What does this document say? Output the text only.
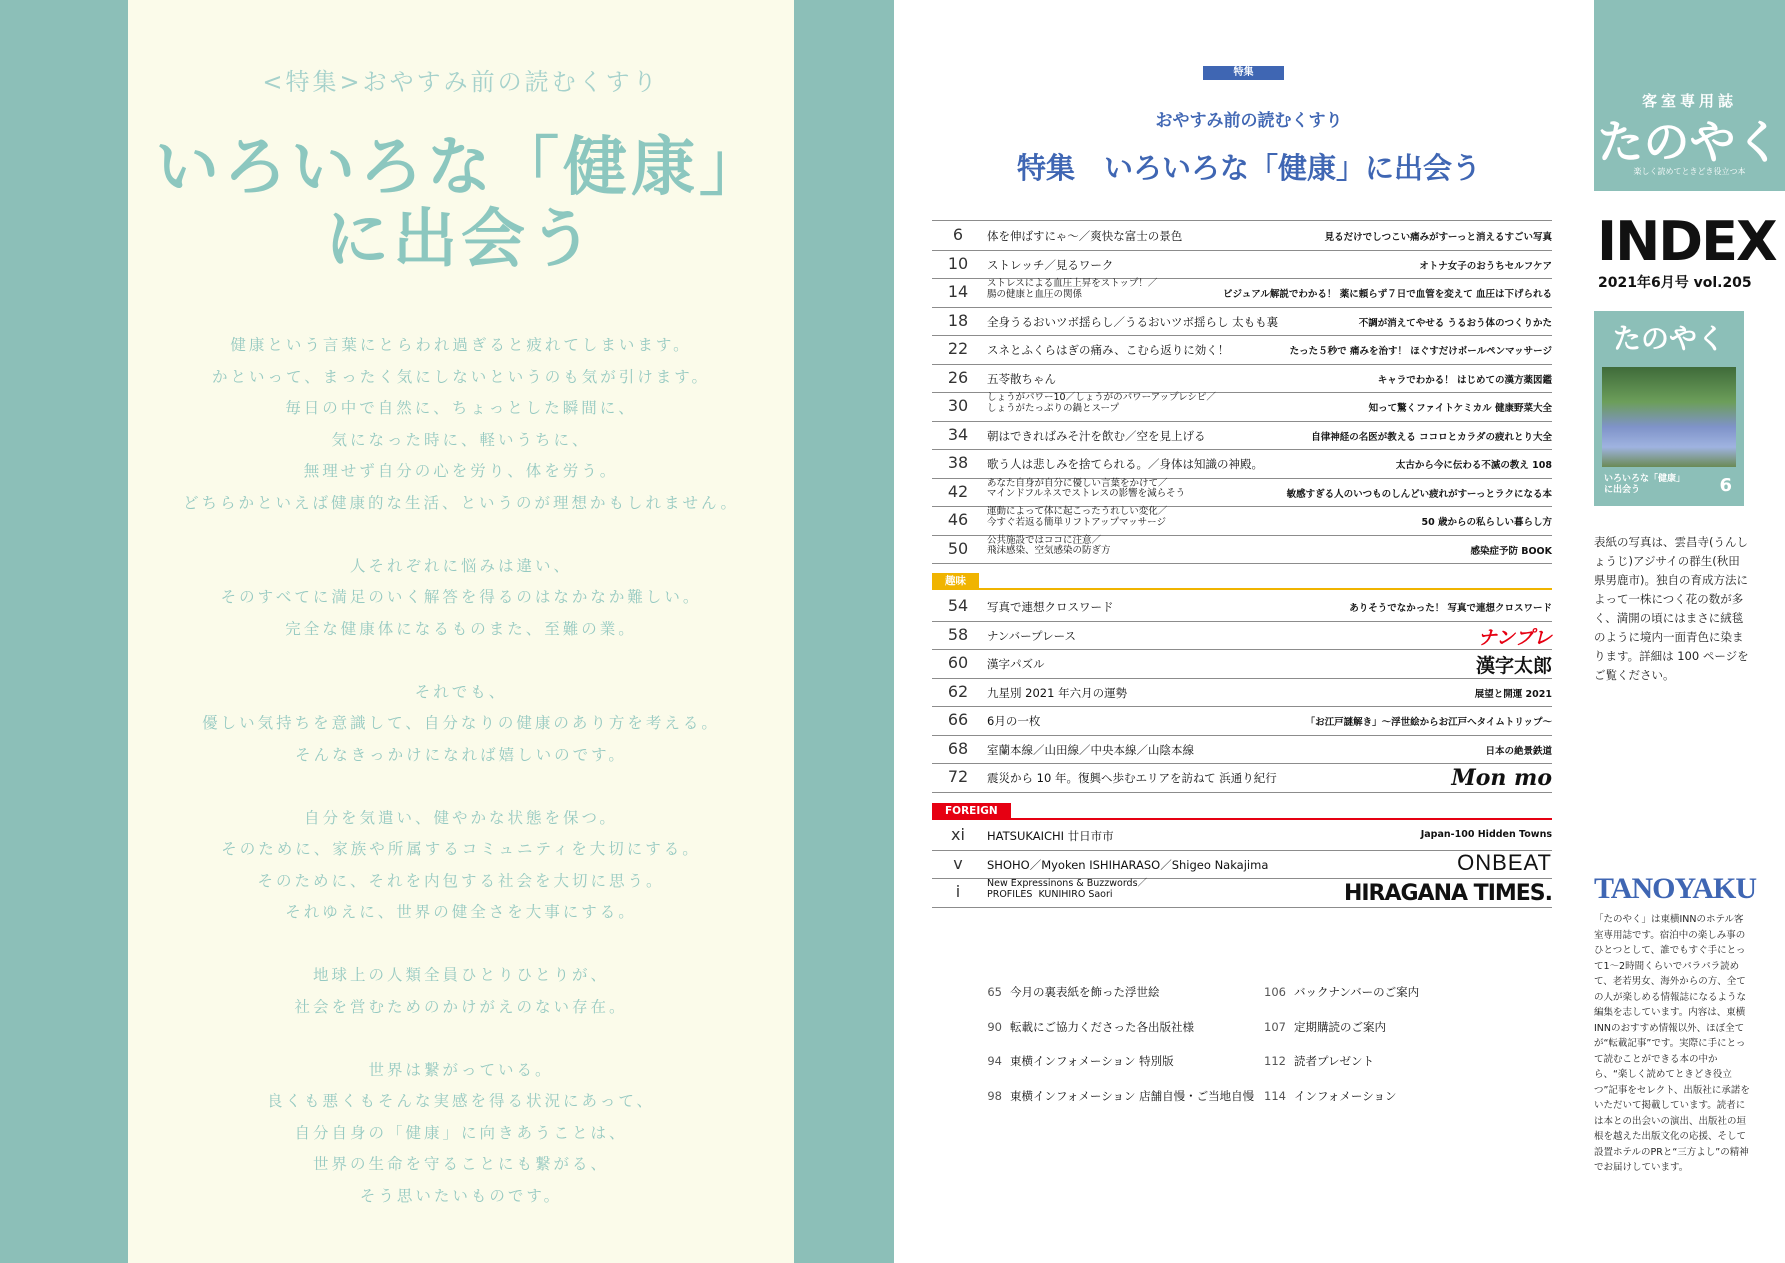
<特集>おやすみ前の読むくすり
いろいろな「健康」
に出会う
健康という言葉にとらわれ過ぎると疲れてしまいます。
かといって、まったく気にしないというのも気が引けます。
毎日の中で自然に、ちょっとした瞬間に、
気になった時に、軽いうちに、
無理せず自分の心を労り、体を労う。
どちらかといえば健康的な生活、というのが理想かもしれません。
人それぞれに悩みは違い、
そのすべてに満足のいく解答を得るのはなかなか難しい。
完全な健康体になるものまた、至難の業。
それでも、
優しい気持ちを意識して、自分なりの健康のあり方を考える。
そんなきっかけになれば嬉しいのです。
自分を気遣い、健やかな状態を保つ。
そのために、家族や所属するコミュニティを大切にする。
そのために、それを内包する社会を大切に思う。
それゆえに、世界の健全さを大事にする。
地球上の人類全員ひとりひとりが、
社会を営むためのかけがえのない存在。
世界は繋がっている。
良くも悪くもそんな実感を得る状況にあって、
自分自身の「健康」に向きあうことは、
世界の生命を守ることにも繋がる、
そう思いたいものです。
特集
おやすみ前の読むくすり
特集　いろいろな「健康」に出会う
6	体を伸ばすにゃ～／爽快な富士の景色	見るだけでしつこい痛みがすーっと消えるすごい写真
10	ストレッチ／見るワーク	オトナ女子のおうちセルフケア
14	ストレスによる血圧上昇をストップ！／
腸の健康と血圧の関係	ビジュアル解説でわかる！ 薬に頼らず７日で血管を変えて 血圧は下げられる
18	全身うるおいツボ揺らし／うるおいツボ揺らし 太もも裏	不調が消えてやせる うるおう体のつくりかた
22	スネとふくらはぎの痛み、こむら返りに効く！	たった５秒で 痛みを治す！ ほぐすだけボールペンマッサージ
26	五苓散ちゃん	キャラでわかる！ はじめての漢方薬図鑑
30	しょうがパワー10／しょうがのパワーアップレシピ／
しょうがたっぷりの鍋とスープ	知って驚くファイトケミカル 健康野菜大全
34	朝はできればみそ汁を飲む／空を見上げる	自律神経の名医が教える ココロとカラダの疲れとり大全
38	歌う人は悲しみを捨てられる。／身体は知識の神殿。	太古から今に伝わる不滅の教え 108
42	あなた自身が自分に優しい言葉をかけて／
マインドフルネスでストレスの影響を減らそう	敏感すぎる人のいつものしんどい疲れがすーっとラクになる本
46	運動によって体に起こったうれしい変化／
今すぐ若返る簡単リフトアップマッサージ	50 歳からの私らしい暮らし方
50	公共施設ではココに注意／
飛沫感染、空気感染の防ぎ方	感染症予防 BOOK
54	写真で連想クロスワード	ありそうでなかった！ 写真で連想クロスワード
58	ナンバープレース	ナンプレ
60	漢字パズル	漢字太郎
62	九星別 2021 年六月の運勢	展望と開運 2021
66	6月の一枚	「お江戸謎解き」～浮世絵からお江戸へタイムトリップ～
68	室蘭本線／山田線／中央本線／山陰本線	日本の絶景鉄道
72	震災から 10 年。復興へ歩むエリアを訪ねて 浜通り紀行	Mon mo
xi	HATSUKAICHI 廿日市市	Japan-100 Hidden Towns
v	SHOHO／Myoken ISHIHARASO／Shigeo Nakajima	ONBEAT
i	New Expressinons & Buzzwords／
PROFILES  KUNIHIRO Saori	HIRAGANA TIMES.
趣味
FOREIGN
65 今月の裏表紙を飾った浮世絵
90 転載にご協力くださった各出版社様
94 東横インフォメーション 特別版
98 東横インフォメーション 店舗自慢・ご当地自慢
106 バックナンバーのご案内
107 定期購読のご案内
112 読者プレゼント
114 インフォメーション
客室専用誌
たのやく
楽しく読めてときどき役立つ本
INDEX
2021年6月号 vol.205
たのやく
いろいろな「健康」
に出会う	6
表紙の写真は、雲昌寺(うんしょうじ)アジサイの群生(秋田県男鹿市)。独自の育成方法によって一株につく花の数が多く、満開の頃にはまさに絨毯のように境内一面青色に染まります。詳細は 100 ページをご覧ください。
TANOYAKU
「たのやく」は東横INNのホテル客室専用誌です。宿泊中の楽しみ事のひとつとして、誰でもすぐ手にとって1～2時間くらいでパラパラ読めて、老若男女、海外からの方、全ての人が楽しめる情報誌になるような編集を志しています。内容は、東横INNのおすすめ情報以外、ほぼ全てが“転載記事”です。実際に手にとって読むことができる本の中から、“楽しく読めてときどき役立つ”記事をセレクト、出版社に承諾をいただいて掲載しています。読者には本との出会いの演出、出版社の垣根を越えた出版文化の応援、そして設置ホテルのPRと“三方よし”の精神でお届けしています。
